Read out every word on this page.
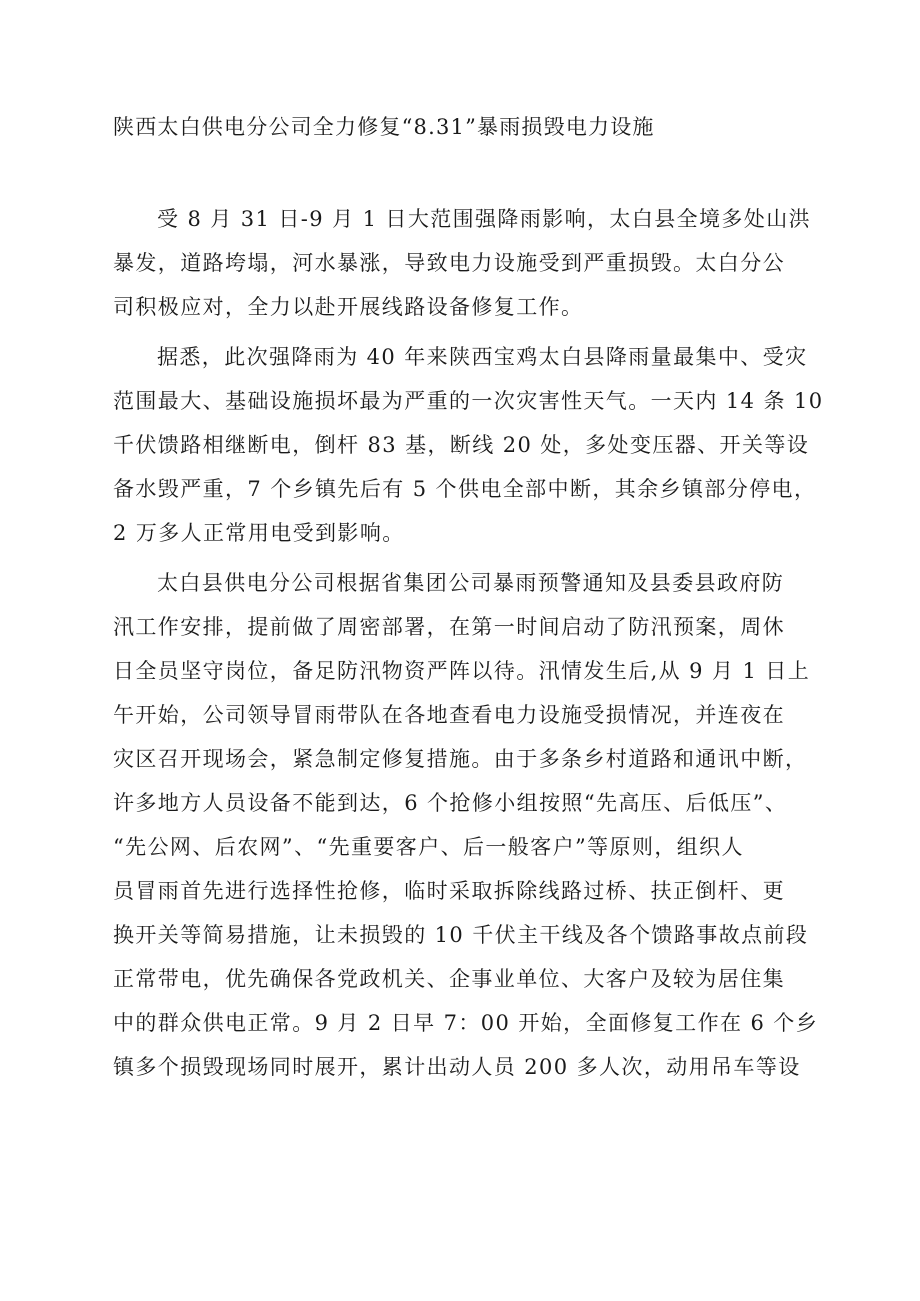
陕西太白供电分公司全力修复“8.31”暴雨损毁电力设施
受 8 月 31 日-9 月 1 日大范围强降雨影响，太白县全境多处山洪
暴发，道路垮塌，河水暴涨，导致电力设施受到严重损毁。太白分公
司积极应对，全力以赴开展线路设备修复工作。
据悉，此次强降雨为 40 年来陕西宝鸡太白县降雨量最集中、受灾
范围最大、基础设施损坏最为严重的一次灾害性天气。一天内 14 条 10
千伏馈路相继断电，倒杆 83 基，断线 20 处，多处变压器、开关等设
备水毁严重，7 个乡镇先后有 5 个供电全部中断，其余乡镇部分停电，
2 万多人正常用电受到影响。
太白县供电分公司根据省集团公司暴雨预警通知及县委县政府防
汛工作安排，提前做了周密部署，在第一时间启动了防汛预案，周休
日全员坚守岗位，备足防汛物资严阵以待。汛情发生后,从 9 月 1 日上
午开始，公司领导冒雨带队在各地查看电力设施受损情况，并连夜在
灾区召开现场会，紧急制定修复措施。由于多条乡村道路和通讯中断，
许多地方人员设备不能到达，6 个抢修小组按照“先高压、后低压”、
“先公网、后农网”、“先重要客户、后一般客户”等原则，组织人
员冒雨首先进行选择性抢修，临时采取拆除线路过桥、扶正倒杆、更
换开关等简易措施，让未损毁的 10 千伏主干线及各个馈路事故点前段
正常带电，优先确保各党政机关、企事业单位、大客户及较为居住集
中的群众供电正常。9 月 2 日早 7：00 开始，全面修复工作在 6 个乡
镇多个损毁现场同时展开，累计出动人员 200 多人次，动用吊车等设
